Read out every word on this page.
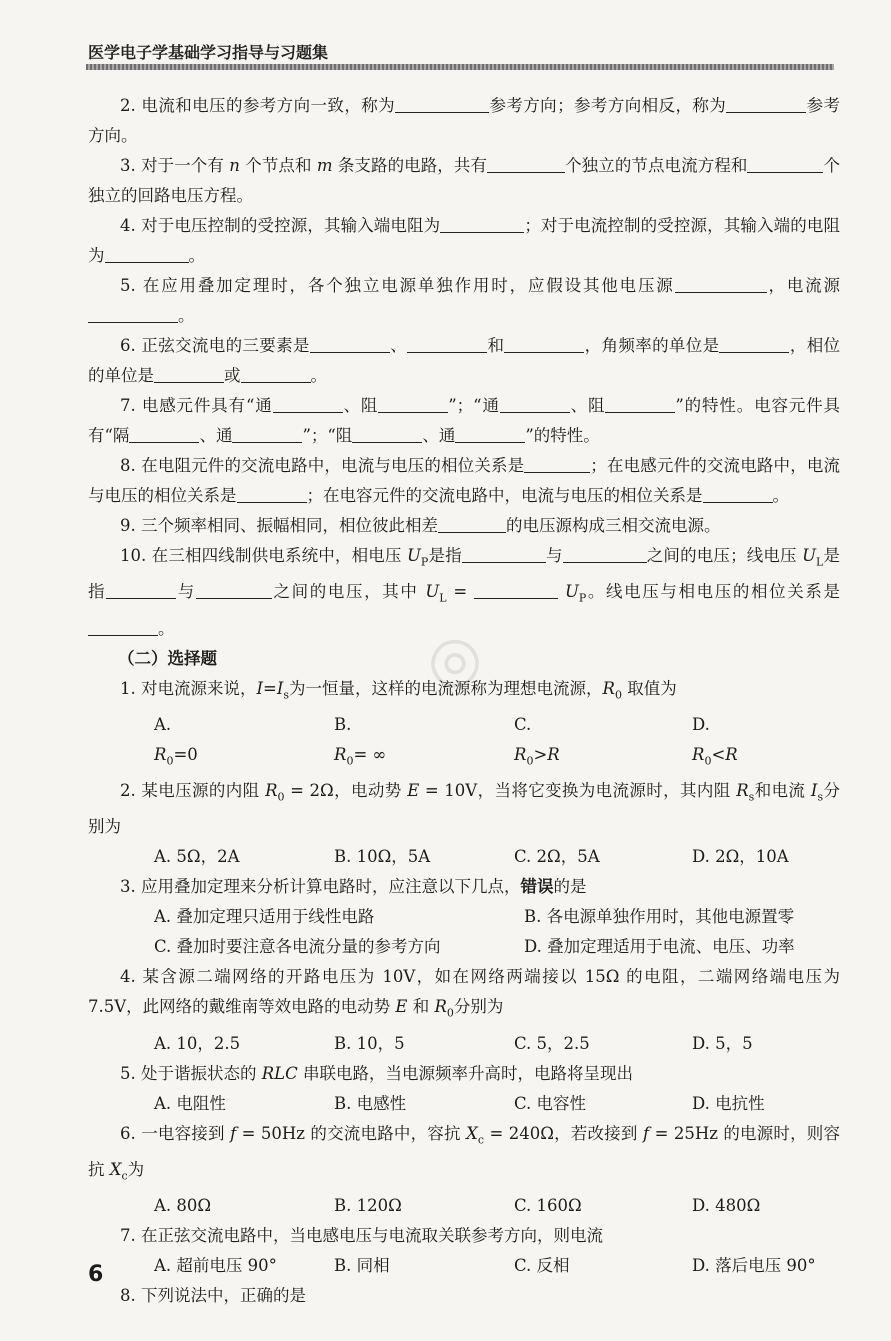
医学电子学基础学习指导与习题集
◎

2. 电流和电压的参考方向一致，称为	参考方向；参考方向相反，称为	参考方向。

3. 对于一个有 n 个节点和 m 条支路的电路，共有	个独立的节点电流方程和	个独立的回路电压方程。

4. 对于电压控制的受控源，其输入端电阻为	；对于电流控制的受控源，其输入端的电阻为	。

5. 在应用叠加定理时，各个独立电源单独作用时，应假设其他电压源	，电流源。

6. 正弦交流电的三要素是	、	和	，角频率的单位是	，相位的单位是	或	。

7. 电感元件具有“通	、阻	”；“通	、阻	”的特性。电容元件具有“隔	、通	”；“阻	、通	”的特性。

8. 在电阻元件的交流电路中，电流与电压的相位关系是	；在电感元件的交流电路中，电流与电压的相位关系是	；在电容元件的交流电路中，电流与电压的相位关系是	。

9. 三个频率相同、振幅相同，相位彼此相差	的电压源构成三相交流电源。

10. 在三相四线制供电系统中，相电压 $U_P$是指	与	之间的电压；线电压 $U_L$是指	与	之间的电压，其中 $U_L$ =	$U_P$。线电压与相电压的相位关系是。

（二）选择题

1. 对电流源来说，$I=I_s$为一恒量，这样的电流源称为理想电流源，$R_0$ 取值为

$A.R_0=0$
$B.R_0=$ ∞
$C.R_0>R$
$D.R_0<R$

2. 某电压源的内阻 $R_0 = 2\Omega$，电动势 E = 10V，当将它变换为电流源时，其内阻 $R_s$和电流 $I_s$分别为

A. 5Ω，2A	B. 10Ω，5A	C. 2Ω，5A	D. 2Ω，10A

3. 应用叠加定理来分析计算电路时，应注意以下几点，错误的是

A. 叠加定理只适用于线性电路	B. 各电源单独作用时，其他电源置零
C. 叠加时要注意各电流分量的参考方向	D. 叠加定理适用于电流、电压、功率

4. 某含源二端网络的开路电压为 10V，如在网络两端接以 15Ω 的电阻，二端网络端电压为 7.5V，此网络的戴维南等效电路的电动势 E 和 $R_0$分别为

A. 10，2.5	B. 10，5	C. 5，2.5	D. 5，5

5. 处于谐振状态的 RLC 串联电路，当电源频率升高时，电路将呈现出

A. 电阻性	B. 电感性	C. 电容性	D. 电抗性

6. 一电容接到 f = 50Hz 的交流电路中，容抗 $X_c = 240\Omega$，若改接到 f = 25Hz 的电源时，则容抗 $X_c$为

A. 80Ω	B. 120Ω	C. 160Ω	D. 480Ω

7. 在正弦交流电路中，当电感电压与电流取关联参考方向，则电流

A. 超前电压 90°	B. 同相	C. 反相	D. 落后电压 90°

8. 下列说法中，正确的是

6
